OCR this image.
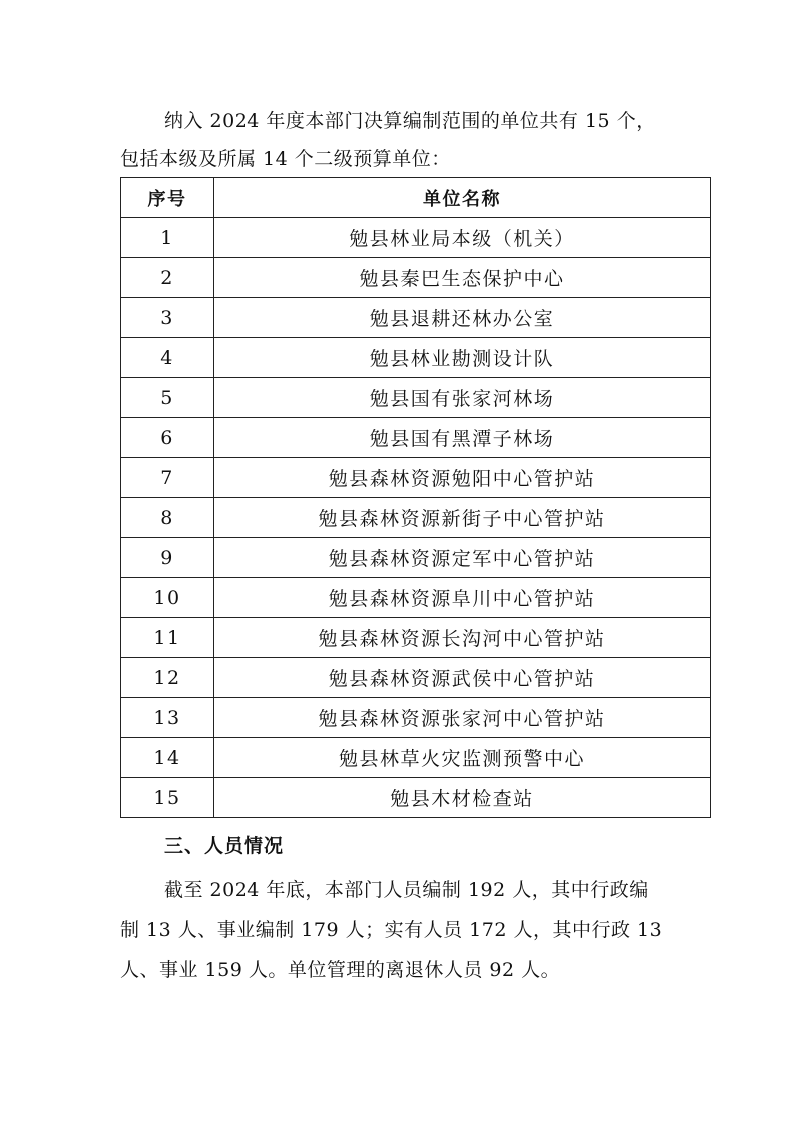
纳入 2024 年度本部门决算编制范围的单位共有 15 个，
包括本级及所属 14 个二级预算单位：
序号	单位名称
1	勉县林业局本级（机关）
2	勉县秦巴生态保护中心
3	勉县退耕还林办公室
4	勉县林业勘测设计队
5	勉县国有张家河林场
6	勉县国有黑潭子林场
7	勉县森林资源勉阳中心管护站
8	勉县森林资源新街子中心管护站
9	勉县森林资源定军中心管护站
10	勉县森林资源阜川中心管护站
11	勉县森林资源长沟河中心管护站
12	勉县森林资源武侯中心管护站
13	勉县森林资源张家河中心管护站
14	勉县林草火灾监测预警中心
15	勉县木材检查站
三、人员情况
截至 2024 年底，本部门人员编制 192 人，其中行政编
制 13 人、事业编制 179 人；实有人员 172 人，其中行政 13
人、事业 159 人。单位管理的离退休人员 92 人。
